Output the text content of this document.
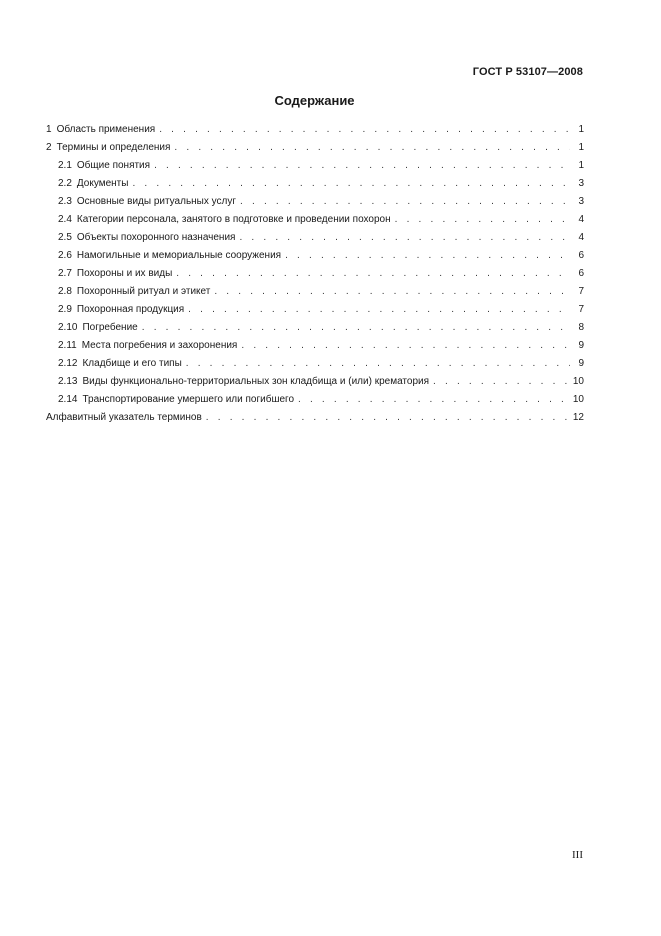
ГОСТ Р 53107—2008
Содержание
1 Область применения . . .	1
2 Термины и определения . . .	1
2.1 Общие понятия . . .	1
2.2 Документы . . .	3
2.3 Основные виды ритуальных услуг . . .	3
2.4 Категории персонала, занятого в подготовке и проведении похорон . . .	4
2.5 Объекты похоронного назначения . . .	4
2.6 Намогильные и мемориальные сооружения . . .	6
2.7 Похороны и их виды . . .	6
2.8 Похоронный ритуал и этикет . . .	7
2.9 Похоронная продукция . . .	7
2.10 Погребение . . .	8
2.11 Места погребения и захоронения . . .	9
2.12 Кладбище и его типы . . .	9
2.13 Виды функционально-территориальных зон кладбища и (или) крематория . . .	10
2.14 Транспортирование умершего или погибшего . . .	10
Алфавитный указатель терминов . . .	12
III
